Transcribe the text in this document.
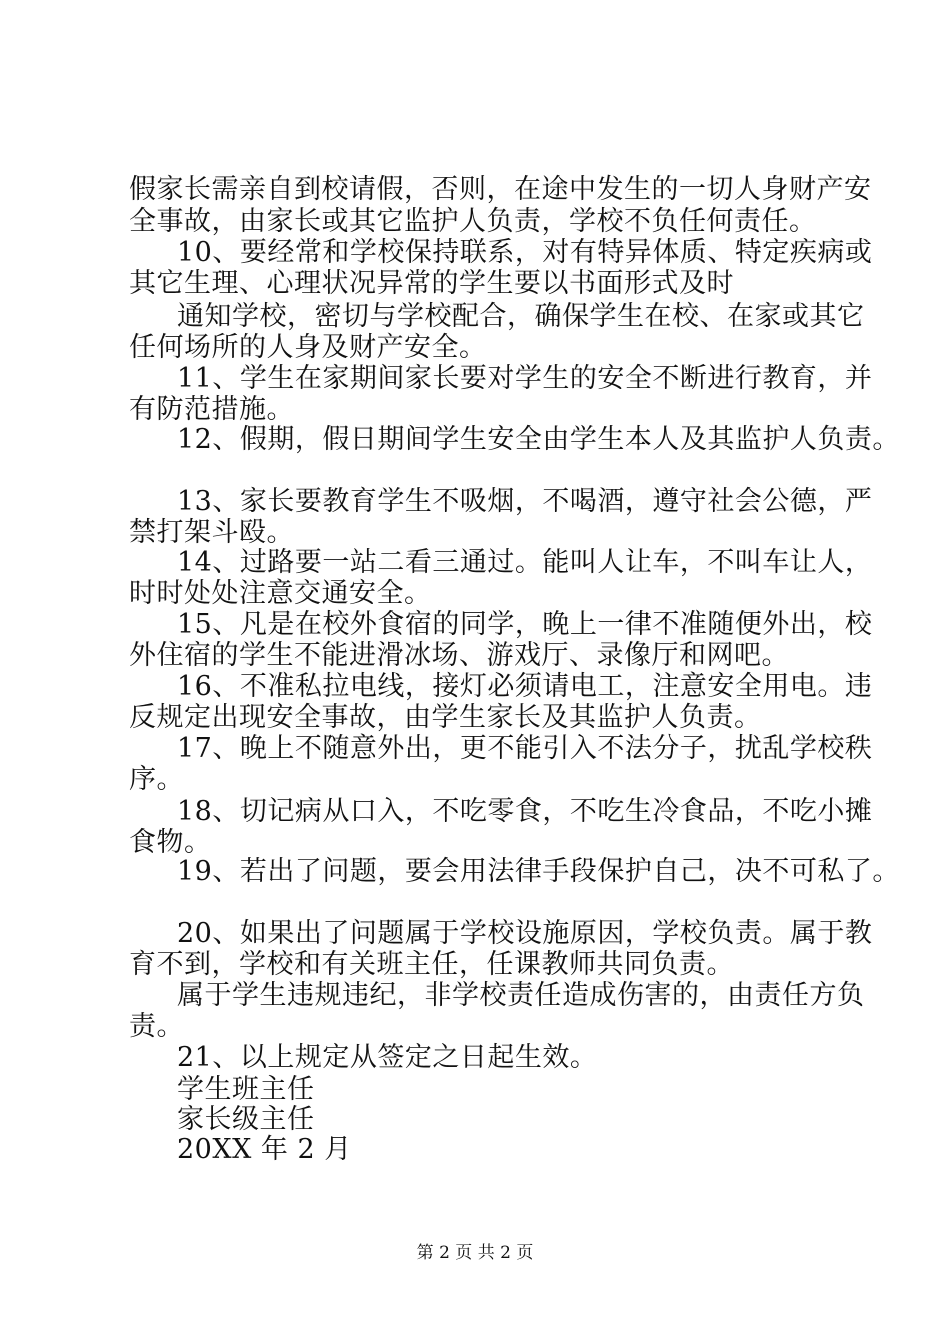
假家长需亲自到校请假，否则，在途中发生的一切人身财产安
全事故，由家长或其它监护人负责，学校不负任何责任。
10、要经常和学校保持联系，对有特异体质、特定疾病或
其它生理、心理状况异常的学生要以书面形式及时
通知学校，密切与学校配合，确保学生在校、在家或其它
任何场所的人身及财产安全。
11、学生在家期间家长要对学生的安全不断进行教育，并
有防范措施。
12、假期，假日期间学生安全由学生本人及其监护人负责。
13、家长要教育学生不吸烟，不喝酒，遵守社会公德，严
禁打架斗殴。
14、过路要一站二看三通过。能叫人让车，不叫车让人，
时时处处注意交通安全。
15、凡是在校外食宿的同学，晚上一律不准随便外出，校
外住宿的学生不能进滑冰场、游戏厅、录像厅和网吧。
16、不准私拉电线，接灯必须请电工，注意安全用电。违
反规定出现安全事故，由学生家长及其监护人负责。
17、晚上不随意外出，更不能引入不法分子，扰乱学校秩
序。
18、切记病从口入，不吃零食，不吃生冷食品，不吃小摊
食物。
19、若出了问题，要会用法律手段保护自己，决不可私了。
20、如果出了问题属于学校设施原因，学校负责。属于教
育不到，学校和有关班主任，任课教师共同负责。
属于学生违规违纪，非学校责任造成伤害的，由责任方负
责。
21、以上规定从签定之日起生效。
学生班主任
家长级主任
20XX 年 2 月
第 2 页 共 2 页
